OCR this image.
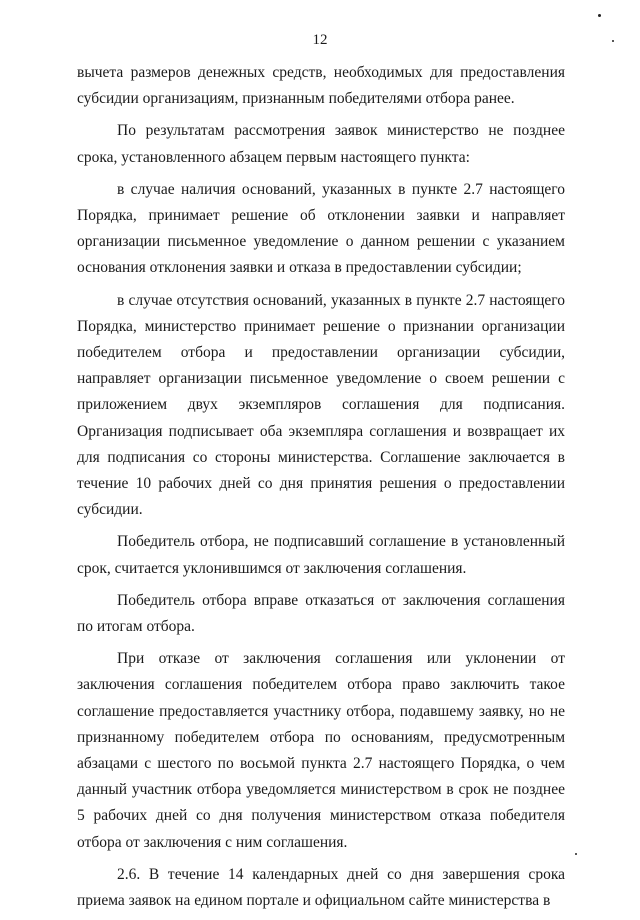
12

вычета размеров денежных средств, необходимых для предоставления субсидии организациям, признанным победителями отбора ранее.

По результатам рассмотрения заявок министерство не позднее срока, установленного абзацем первым настоящего пункта:

в случае наличия оснований, указанных в пункте 2.7 настоящего Порядка, принимает решение об отклонении заявки и направляет организации письменное уведомление о данном решении с указанием основания отклонения заявки и отказа в предоставлении субсидии;

в случае отсутствия оснований, указанных в пункте 2.7 настоящего Порядка, министерство принимает решение о признании организации победителем отбора и предоставлении организации субсидии, направляет организации письменное уведомление о своем решении с приложением двух экземпляров соглашения для подписания. Организация подписывает оба экземпляра соглашения и возвращает их для подписания со стороны министерства. Соглашение заключается в течение 10 рабочих дней со дня принятия решения о предоставлении субсидии.

Победитель отбора, не подписавший соглашение в установленный срок, считается уклонившимся от заключения соглашения.

Победитель отбора вправе отказаться от заключения соглашения по итогам отбора.

При отказе от заключения соглашения или уклонении от заключения соглашения победителем отбора право заключить такое соглашение предоставляется участнику отбора, подавшему заявку, но не признанному победителем отбора по основаниям, предусмотренным абзацами с шестого по восьмой пункта 2.7 настоящего Порядка, о чем данный участник отбора уведомляется министерством в срок не позднее 5 рабочих дней со дня получения министерством отказа победителя отбора от заключения с ним соглашения.

2.6. В течение 14 календарных дней со дня завершения срока приема заявок на едином портале и официальном сайте министерства в
